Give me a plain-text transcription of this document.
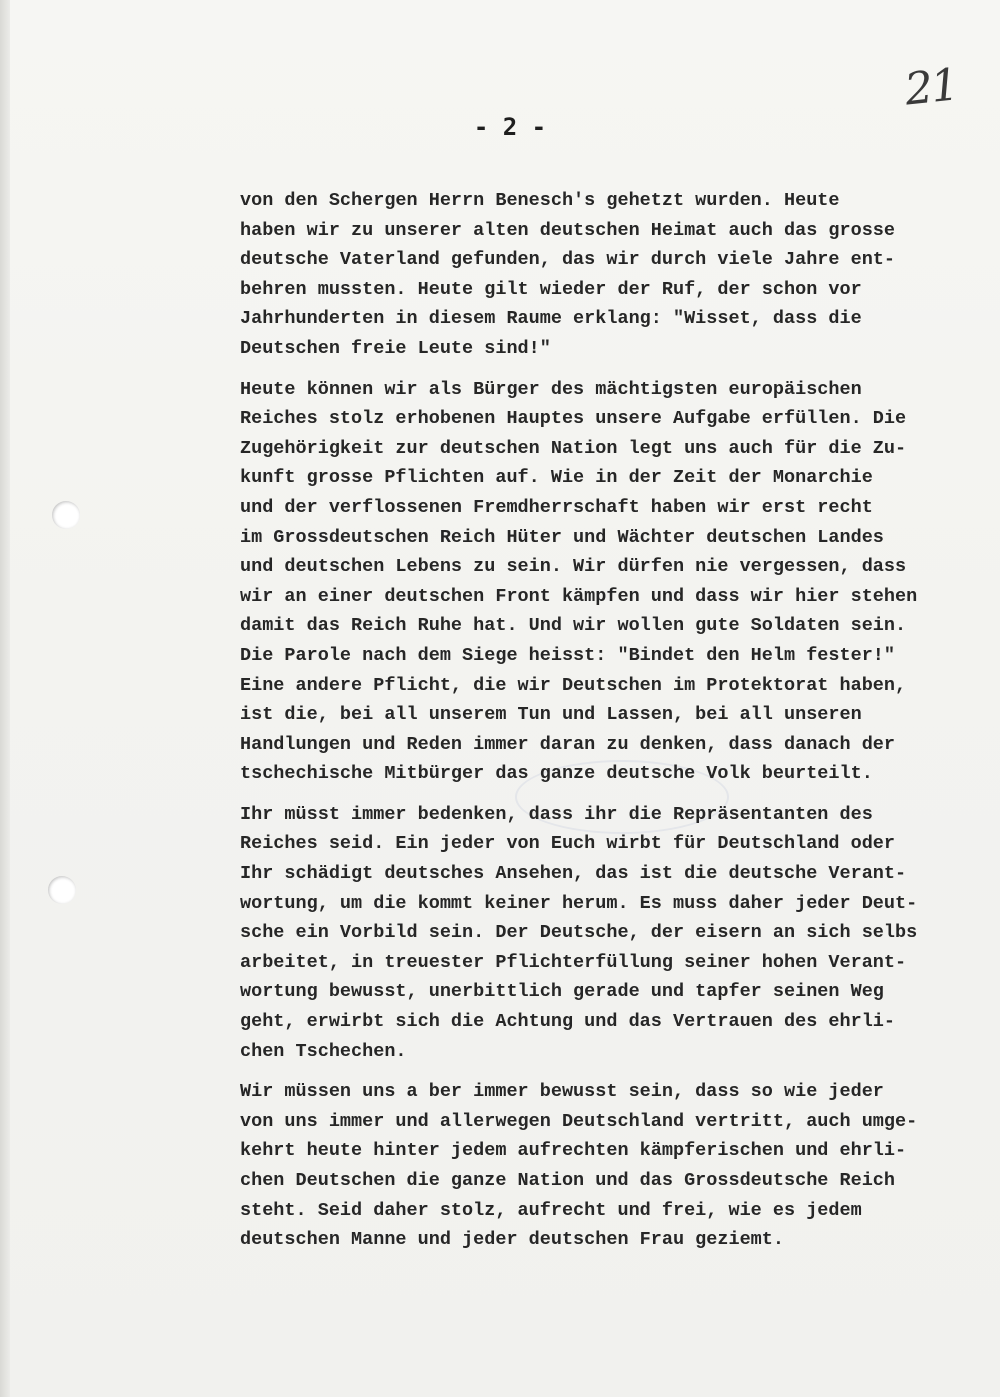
21
- 2 -
von den Schergen Herrn Benesch's gehetzt wurden. Heute
haben wir zu unserer alten deutschen Heimat auch das grosse
deutsche Vaterland gefunden, das wir durch viele Jahre ent-
behren mussten. Heute gilt wieder der Ruf, der schon vor
Jahrhunderten in diesem Raume erklang: "Wisset, dass die
Deutschen freie Leute sind!"
Heute können wir als Bürger des mächtigsten europäischen
Reiches stolz erhobenen Hauptes unsere Aufgabe erfüllen. Die
Zugehörigkeit zur deutschen Nation legt uns auch für die Zu-
kunft grosse Pflichten auf. Wie in der Zeit der Monarchie
und der verflossenen Fremdherrschaft haben wir erst recht
im Grossdeutschen Reich Hüter und Wächter deutschen Landes
und deutschen Lebens zu sein. Wir dürfen nie vergessen, dass
wir an einer deutschen Front kämpfen und dass wir hier stehen
damit das Reich Ruhe hat. Und wir wollen gute Soldaten sein.
Die Parole nach dem Siege heisst: "Bindet den Helm fester!"
Eine andere Pflicht, die wir Deutschen im Protektorat haben,
ist die, bei all unserem Tun und Lassen, bei all unseren
Handlungen und Reden immer daran zu denken, dass danach der
tschechische Mitbürger das ganze deutsche Volk beurteilt.
Ihr müsst immer bedenken, dass ihr die Repräsentanten des
Reiches seid. Ein jeder von Euch wirbt für Deutschland oder
Ihr schädigt deutsches Ansehen, das ist die deutsche Verant-
wortung, um die kommt keiner herum. Es muss daher jeder Deut-
sche ein Vorbild sein. Der Deutsche, der eisern an sich selbs
arbeitet, in treuester Pflichterfüllung seiner hohen Verant-
wortung bewusst, unerbittlich gerade und tapfer seinen Weg
geht, erwirbt sich die Achtung und das Vertrauen des ehrli-
chen Tschechen.
Wir müssen uns a ber immer bewusst sein, dass so wie jeder
von uns immer und allerwegen Deutschland vertritt, auch umge-
kehrt heute hinter jedem aufrechten kämpferischen und ehrli-
chen Deutschen die ganze Nation und das Grossdeutsche Reich
steht. Seid daher stolz, aufrecht und frei, wie es jedem
deutschen Manne und jeder deutschen Frau geziemt.
